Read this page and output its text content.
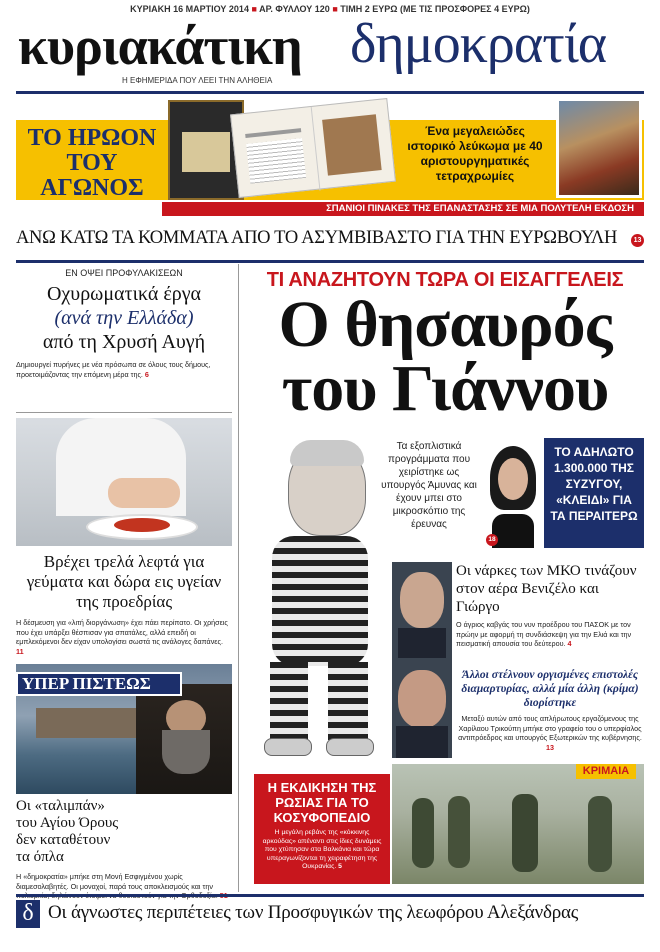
ΚΥΡΙΑΚΗ 16 ΜΑΡΤΙΟΥ 2014 ■ ΑΡ. ΦΥΛΛΟΥ 120 ■ ΤΙΜΗ 2 ΕΥΡΩ (ΜΕ ΤΙΣ ΠΡΟΣΦΟΡΕΣ 4 ΕΥΡΩ)
κυριακάτικη δημοκρατία
Η ΕΦΗΜΕΡΙΔΑ ΠΟΥ ΛΕΕΙ ΤΗΝ ΑΛΗΘΕΙΑ
ΤΟ ΗΡΩΟΝ ΤΟΥ ΑΓΩΝΟΣ
Ένα μεγαλειώδες ιστορικό λεύκωμα με 40 αριστουργηματικές τετραχρωμίες
ΣΠΑΝΙΟΙ ΠΙΝΑΚΕΣ ΤΗΣ ΕΠΑΝΑΣΤΑΣΗΣ ΣΕ ΜΙΑ ΠΟΛΥΤΕΛΗ ΕΚΔΟΣΗ
ΑΝΩ ΚΑΤΩ ΤΑ ΚΟΜΜΑΤΑ ΑΠΟ ΤΟ ΑΣΥΜΒΙΒΑΣΤΟ ΓΙΑ ΤΗΝ ΕΥΡΩΒΟΥΛΗ	13
ΕΝ ΟΨΕΙ ΠΡΟΦΥΛΑΚΙΣΕΩΝ
Οχυρωματικά έργα
(ανά την Ελλάδα)
από τη Χρυσή Αυγή
Δημιουργεί πυρήνες με νέα πρόσωπα σε όλους τους δήμους, προετοιμάζοντας την επόμενη μέρα της. 6
Βρέχει τρελά λεφτά για γεύματα και δώρα εις υγείαν της προεδρίας
Η δέσμευση για «λιτή διοργάνωση» έχει πάει περίπατο. Οι χρήσεις που έχει υπάρξει θέσπισαν για σπατάλες, αλλά επειδή οι εμπλεκόμενοι δεν είχαν υπολογίσει σωστά τις ανάλογες δαπάνες. 11
ΥΠΕΡ ΠΙΣΤΕΩΣ
Οι «ταλιμπάν» του Αγίου Όρους δεν καταθέτουν τα όπλα
Η «δημοκρατία» μπήκε στη Μονή Εσφιγμένου χωρίς διαμεσολαβητές. Οι μοναχοί, παρά τους αποκλεισμούς και την
ΤΙ ΑΝΑΖΗΤΟΥΝ ΤΩΡΑ ΟΙ ΕΙΣΑΓΓΕΛΕΙΣ
Ο θησαυρός
του Γιάννου
Τα εξοπλιστικά προγράμματα που χειρίστηκε ως υπουργός Άμυνας και έχουν μπει στο μικροσκόπιο της έρευνας
18
ΤΟ ΑΔΗΛΩΤΟ 1.300.000 ΤΗΣ ΣΥΖΥΓΟΥ, «ΚΛΕΙΔΙ» ΓΙΑ ΤΑ ΠΕΡΑΙΤΕΡΩ
Οι νάρκες των ΜΚΟ τινάζουν στον αέρα Βενιζέλο και Γιώργο
Ο άγριος καβγάς του νυν προέδρου του ΠΑΣΟΚ με τον πρώην με αφορμή τη συνδιάσκεψη για την Ελιά και την πεισματική απουσία του δεύτερου. 4
Άλλοι στέλνουν οργισμένες επιστολές διαμαρτυρίας, αλλά μία άλλη (κρίμα) διορίστηκε
Μεταξύ αυτών από τους απλήρωτους εργαζόμενους της Χαρίλαου Τρικούπη μπήκε στο γραφείο του ο υπερφίαλος αντιπρόεδρος και υπουργός Εξωτερικών της κυβέρνησης. 13
Η ΕΚΔΙΚΗΣΗ ΤΗΣ ΡΩΣΙΑΣ ΓΙΑ ΤΟ ΚΟΣΥΦΟΠΕΔΙΟ
Η μεγάλη ρεβάνς της «κόκκινης αρκούδας» απέναντι στις ίδιες δυνάμεις που χτύπησαν στα Βαλκάνια και τώρα υπεραγωνίζονται τη χειραφέτηση της Ουκρανίας. 5
ΚΡΙΜΑΙΑ
δ Οι άγνωστες περιπέτειες των Προσφυγικών της λεωφόρου Αλεξάνδρας
